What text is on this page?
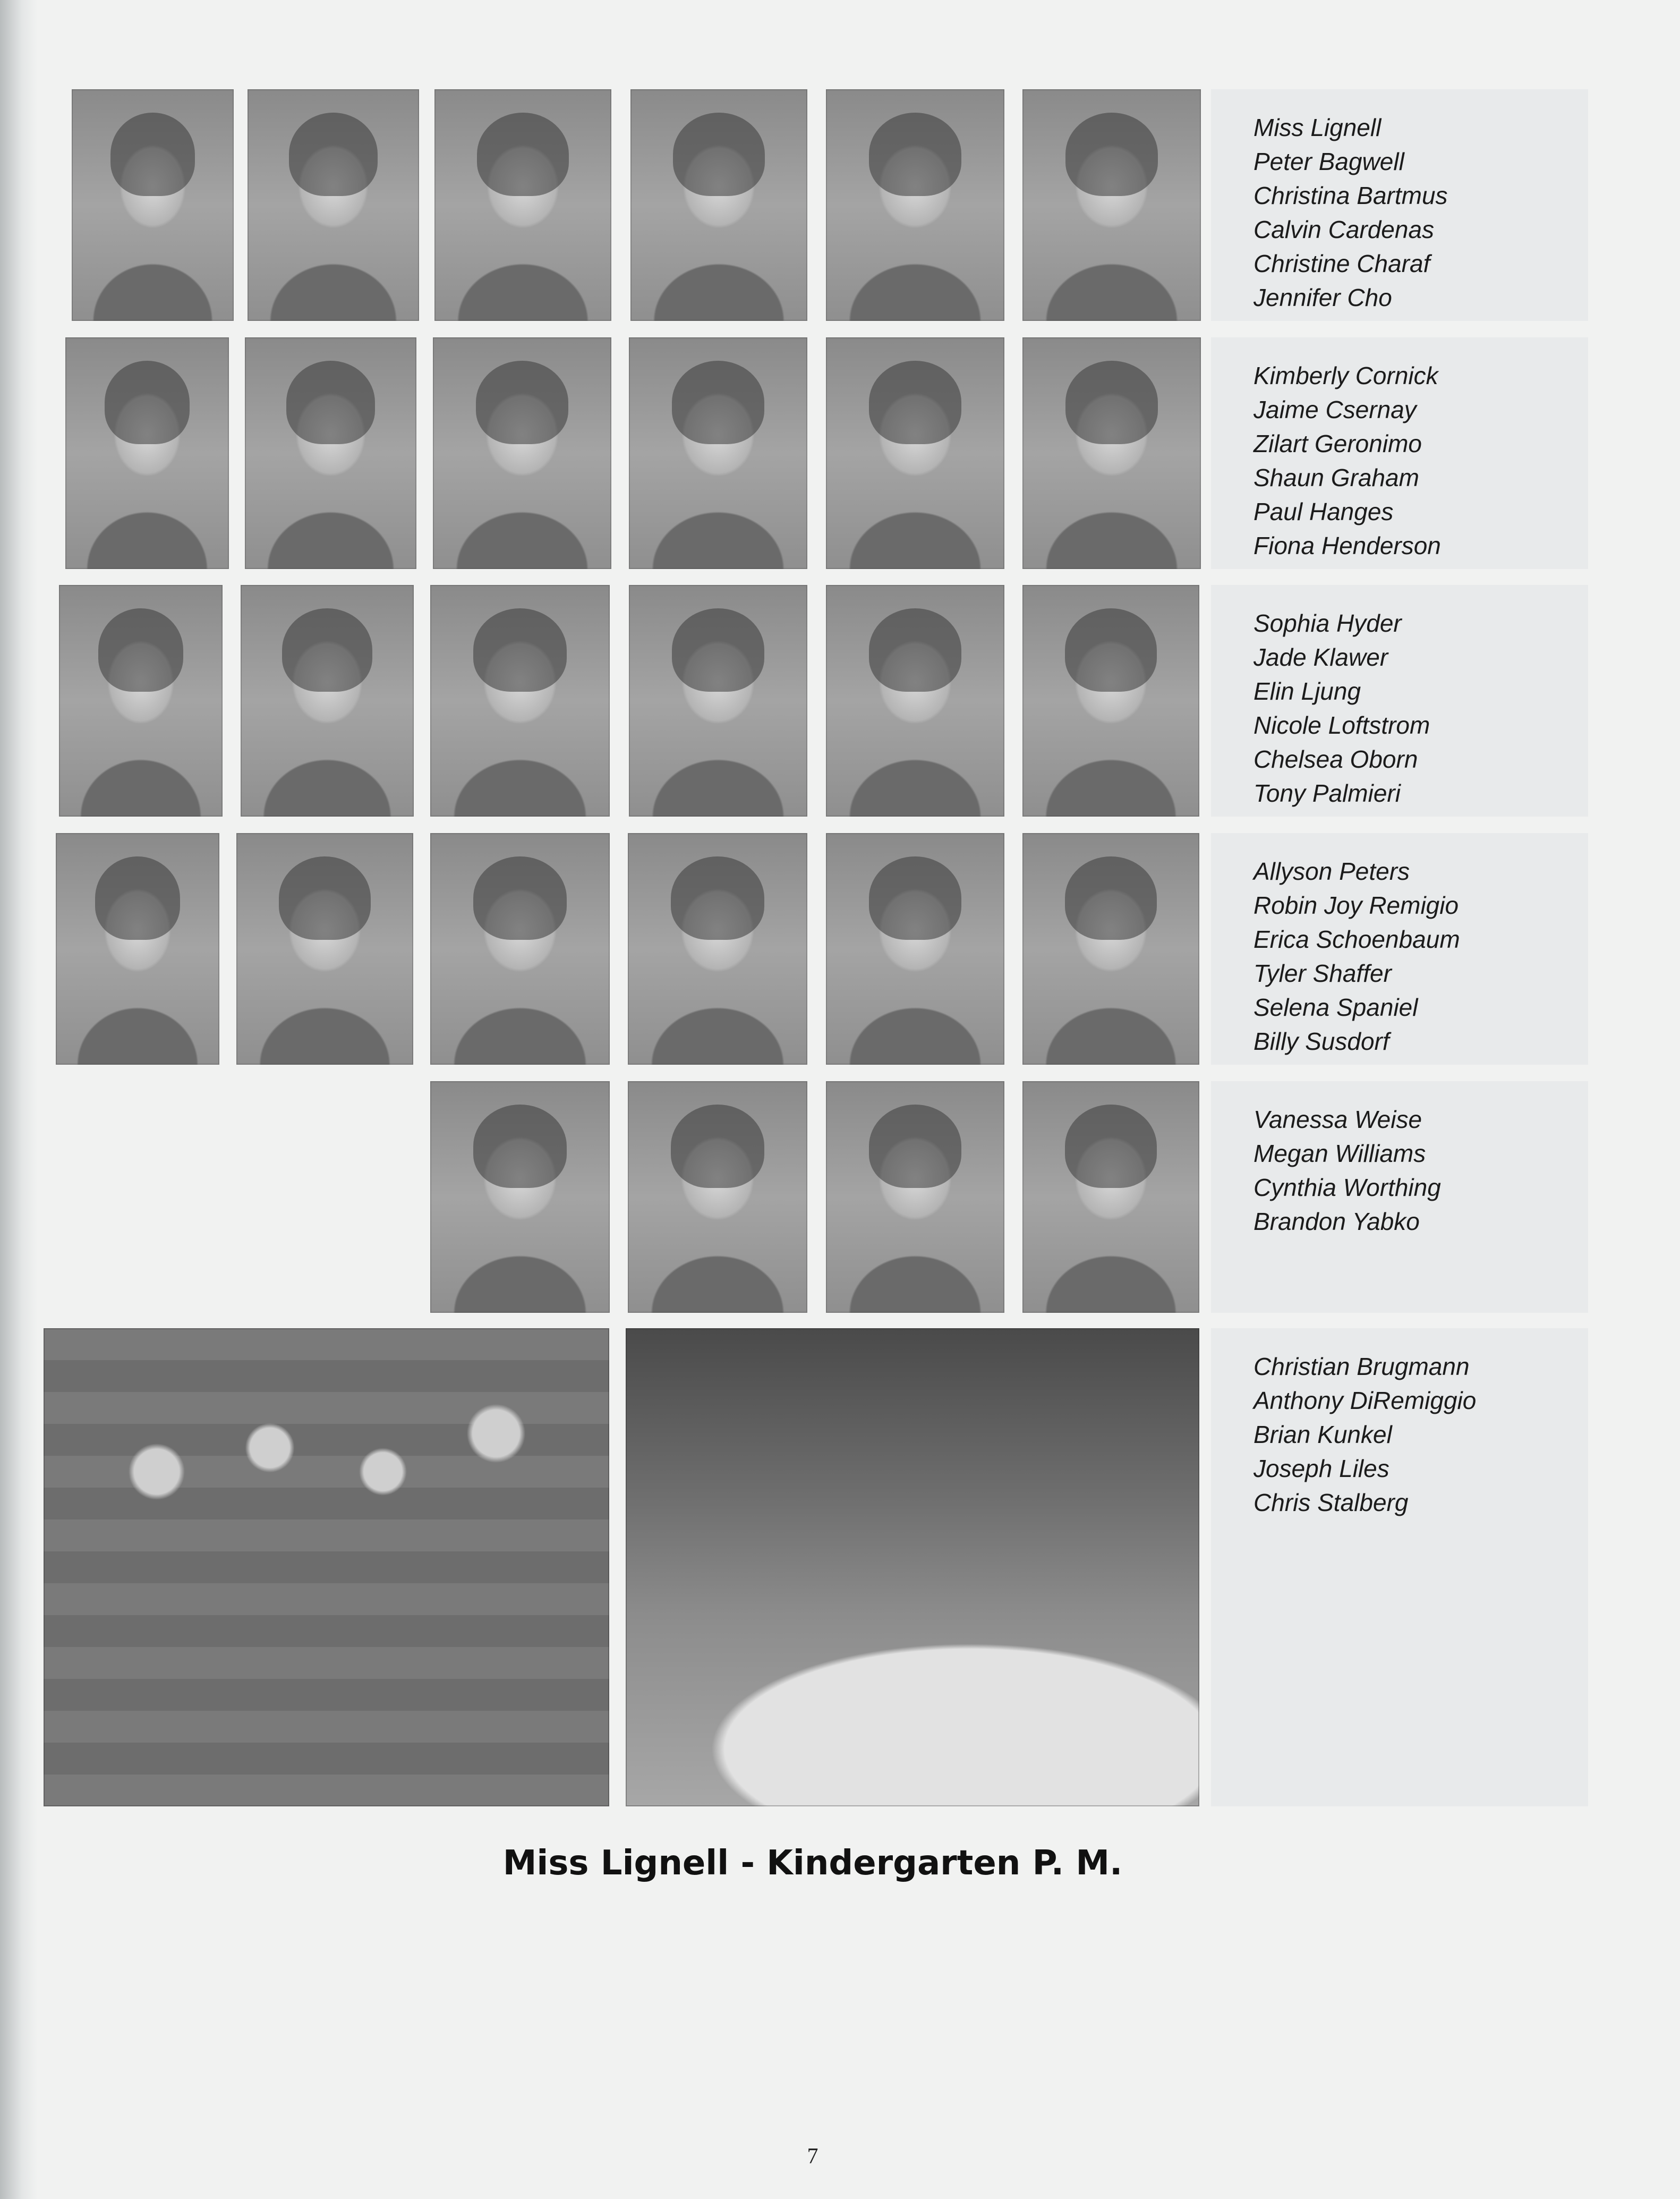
Miss Lignell
Peter Bagwell
Christina Bartmus
Calvin Cardenas
Christine Charaf
Jennifer Cho
Kimberly Cornick
Jaime Csernay
Zilart Geronimo
Shaun Graham
Paul Hanges
Fiona Henderson
Sophia Hyder
Jade Klawer
Elin Ljung
Nicole Loftstrom
Chelsea Oborn
Tony Palmieri
Allyson Peters
Robin Joy Remigio
Erica Schoenbaum
Tyler Shaffer
Selena Spaniel
Billy Susdorf
Vanessa Weise
Megan Williams
Cynthia Worthing
Brandon Yabko
Christian Brugmann
Anthony DiRemiggio
Brian Kunkel
Joseph Liles
Chris Stalberg
Miss Lignell - Kindergarten P. M.
7
